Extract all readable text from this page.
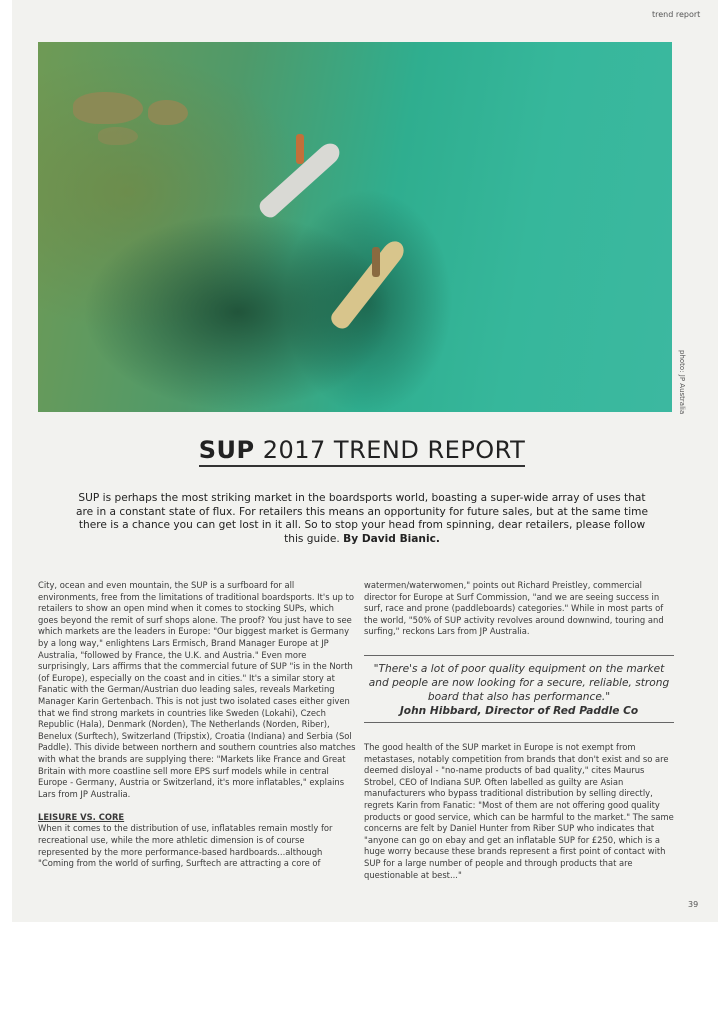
trend report
photo: JP Australia
SUP 2017 TREND REPORT
SUP is perhaps the most striking market in the boardsports world, boasting a super-wide array of uses that are in a constant state of flux. For retailers this means an opportunity for future sales, but at the same time there is a chance you can get lost in it all. So to stop your head from spinning, dear retailers, please follow this guide. By David Bianic.

City, ocean and even mountain, the SUP is a surfboard for all environments, free from the limitations of traditional boardsports. It's up to retailers to show an open mind when it comes to stocking SUPs, which goes beyond the remit of surf shops alone. The proof? You just have to see which markets are the leaders in Europe: "Our biggest market is Germany by a long way," enlightens Lars Ermisch, Brand Manager Europe at JP Australia, "followed by France, the U.K. and Austria." Even more surprisingly, Lars affirms that the commercial future of SUP "is in the North (of Europe), especially on the coast and in cities." It's a similar story at Fanatic with the German/Austrian duo leading sales, reveals Marketing Manager Karin Gertenbach. This is not just two isolated cases either given that we find strong markets in countries like Sweden (Lokahi), Czech Republic (Hala), Denmark (Norden), The Netherlands (Norden, Riber), Benelux (Surftech), Switzerland (Tripstix), Croatia (Indiana) and Serbia (Sol Paddle). This divide between northern and southern countries also matches with what the brands are supplying there: "Markets like France and Great Britain with more coastline sell more EPS surf models while in central Europe - Germany, Austria or Switzerland, it's more inflatables," explains Lars from JP Australia.

LEISURE VS. CORE

When it comes to the distribution of use, inflatables remain mostly for recreational use, while the more athletic dimension is of course represented by the more performance-based hardboards...although "Coming from the world of surfing, Surftech are attracting a core of

watermen/waterwomen," points out Richard Preistley, commercial director for Europe at Surf Commission, "and we are seeing success in surf, race and prone (paddleboards) categories." While in most parts of the world, "50% of SUP activity revolves around downwind, touring and surfing," reckons Lars from JP Australia.

"There's a lot of poor quality equipment on the market and people are now looking for a secure, reliable, strong board that also has performance."
John Hibbard, Director of Red Paddle Co

The good health of the SUP market in Europe is not exempt from metastases, notably competition from brands that don't exist and so are deemed disloyal - "no-name products of bad quality," cites Maurus Strobel, CEO of Indiana SUP. Often labelled as guilty are Asian manufacturers who bypass traditional distribution by selling directly, regrets Karin from Fanatic: "Most of them are not offering good quality products or good service, which can be harmful to the market." The same concerns are felt by Daniel Hunter from Riber SUP who indicates that "anyone can go on ebay and get an inflatable SUP for £250, which is a huge worry because these brands represent a first point of contact with SUP for a large number of people and through products that are questionable at best..."

39
